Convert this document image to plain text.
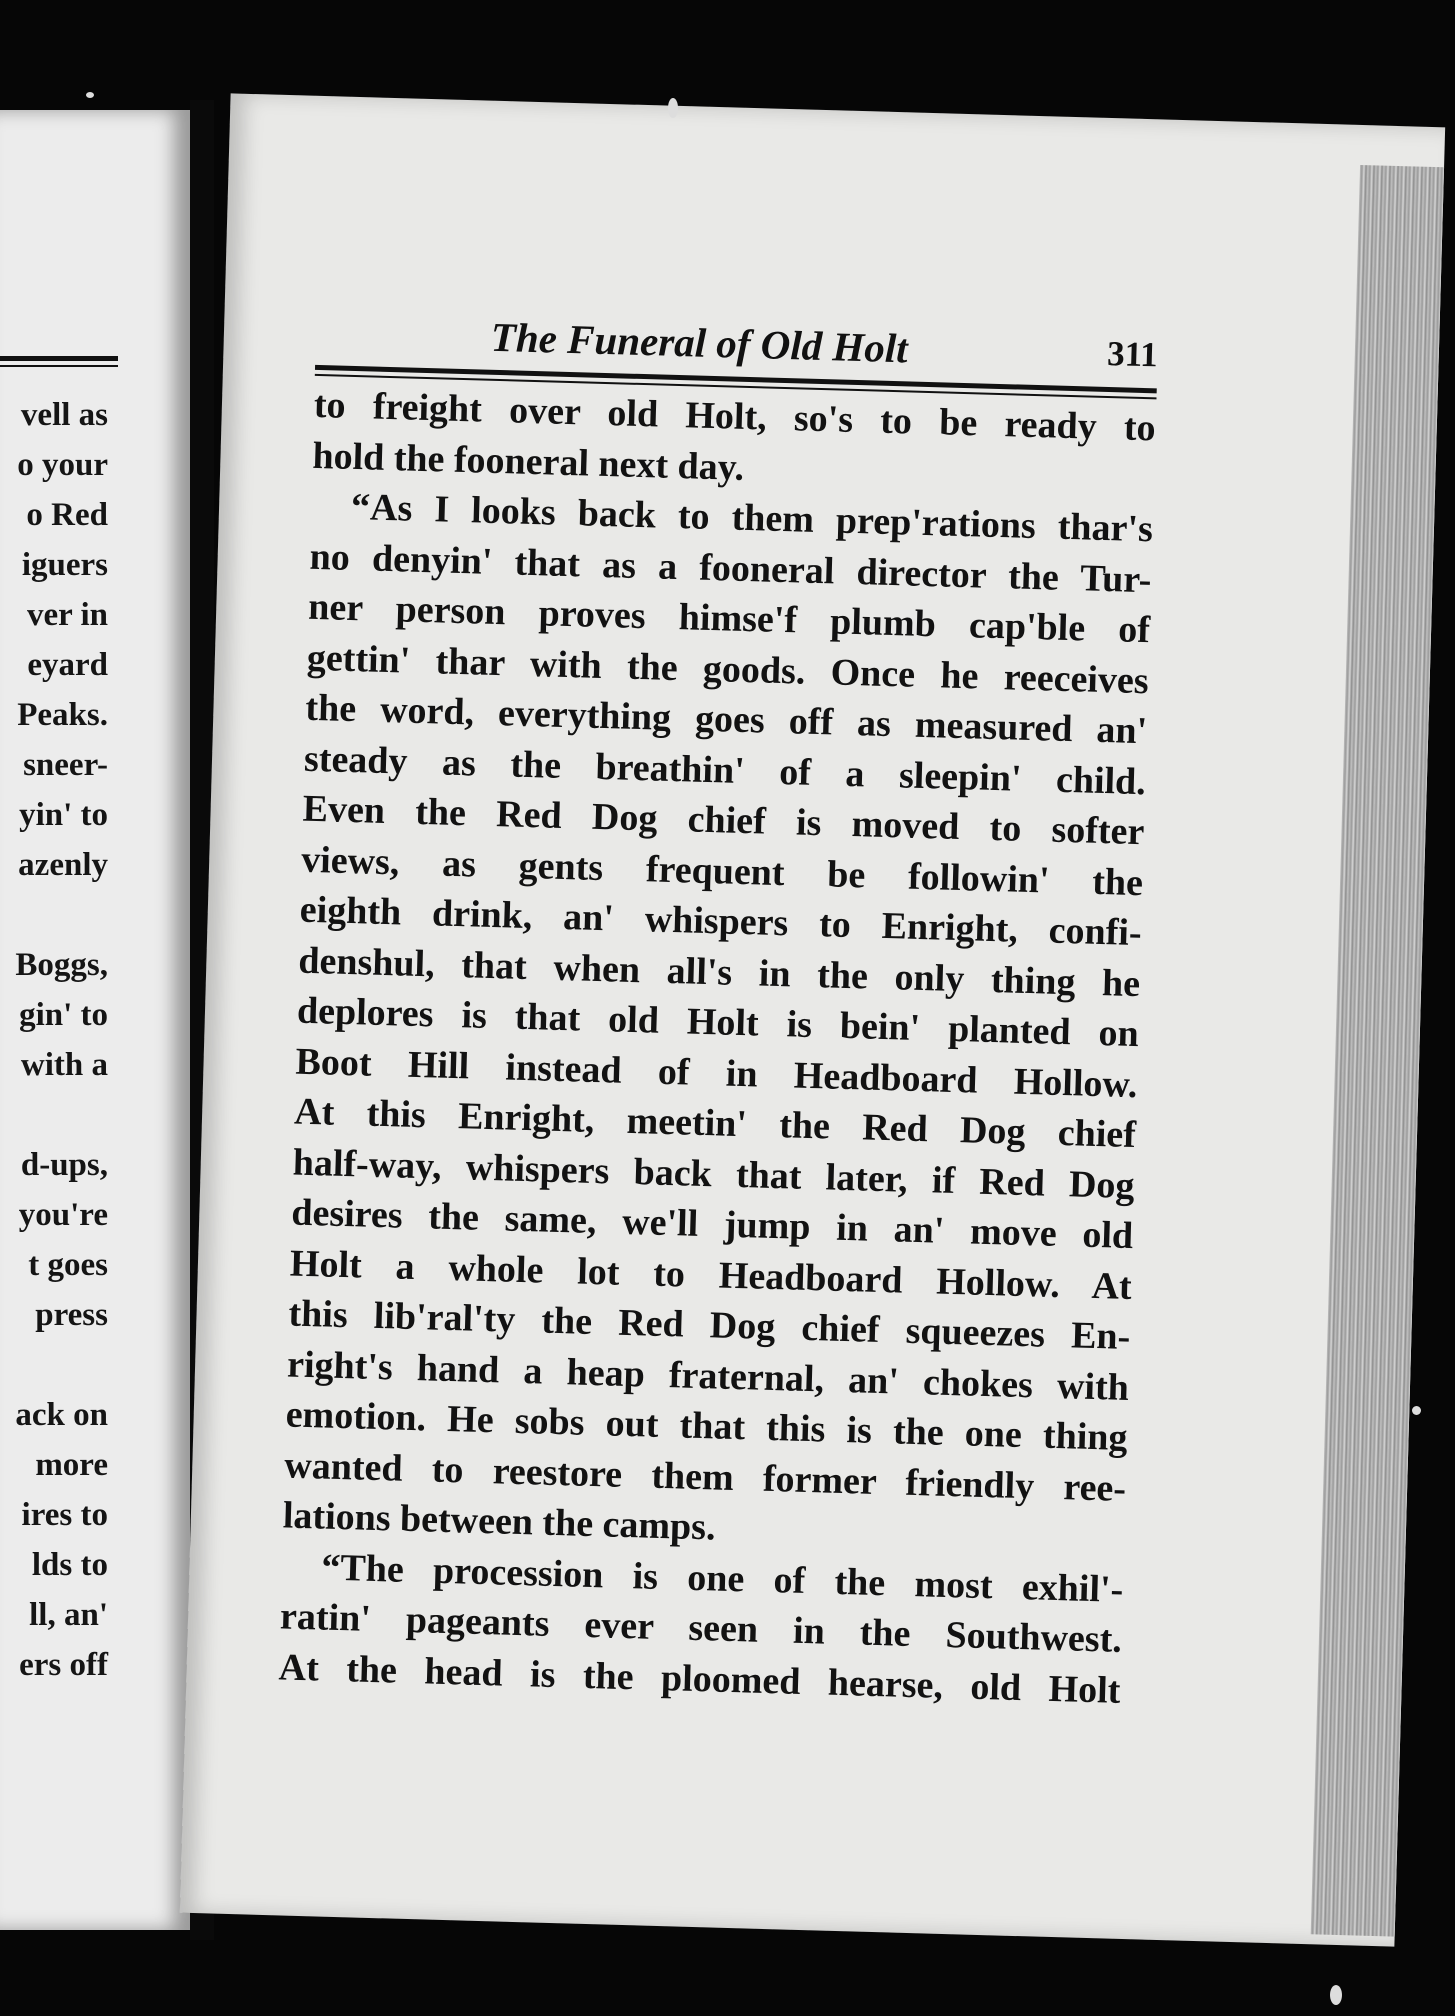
vell as
o your
o Red
iguers
ver in
eyard
Peaks.
sneer-
yin' to
azenly
Boggs,
gin' to
with a
d-ups,
you're
t goes
press
ack on
more
ires to
lds to
ll, an'
ers off
The Funeral of Old Holt	311
to freight over old Holt, so's to be ready to
hold the fooneral next day.
“As I looks back to them prep'rations thar's
no denyin' that as a fooneral director the Tur-
ner person proves himse'f plumb cap'ble of
gettin' thar with the goods. Once he reeceives
the word, everything goes off as measured an'
steady as the breathin' of a sleepin' child.
Even the Red Dog chief is moved to softer
views, as gents frequent be followin' the
eighth drink, an' whispers to Enright, confi-
denshul, that when all's in the only thing he
deplores is that old Holt is bein' planted on
Boot Hill instead of in Headboard Hollow.
At this Enright, meetin' the Red Dog chief
half-way, whispers back that later, if Red Dog
desires the same, we'll jump in an' move old
Holt a whole lot to Headboard Hollow. At
this lib'ral'ty the Red Dog chief squeezes En-
right's hand a heap fraternal, an' chokes with
emotion. He sobs out that this is the one thing
wanted to reestore them former friendly ree-
lations between the camps.
“The procession is one of the most exhil'-
ratin' pageants ever seen in the Southwest.
At the head is the ploomed hearse, old Holt
